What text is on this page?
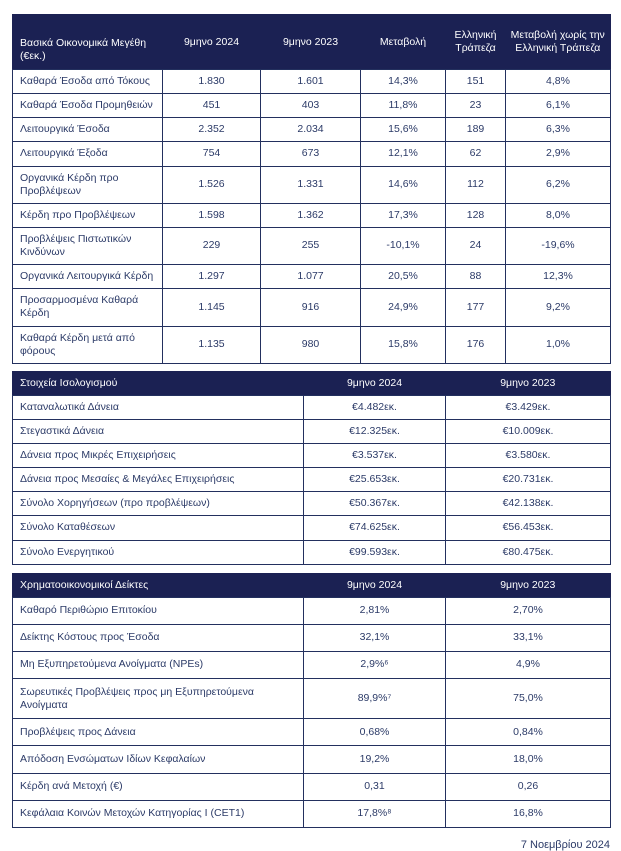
Βασικά Οικονομικά Μεγέθη (€εκ.)	9μηνο 2024	9μηνο 2023	Μεταβολή	Ελληνική Τράπεζα	Μεταβολή χωρίς την Ελληνική Τράπεζα
Καθαρά Έσοδα από Τόκους	1.830	1.601	14,3%	151	4,8%
Καθαρά Έσοδα Προμηθειών	451	403	11,8%	23	6,1%
Λειτουργικά Έσοδα	2.352	2.034	15,6%	189	6,3%
Λειτουργικά Έξοδα	754	673	12,1%	62	2,9%
Οργανικά Κέρδη προ Προβλέψεων	1.526	1.331	14,6%	112	6,2%
Κέρδη προ Προβλέψεων	1.598	1.362	17,3%	128	8,0%
Προβλέψεις Πιστωτικών Κινδύνων	229	255	-10,1%	24	-19,6%
Οργανικά Λειτουργικά Κέρδη	1.297	1.077	20,5%	88	12,3%
Προσαρμοσμένα Καθαρά Κέρδη	1.145	916	24,9%	177	9,2%
Καθαρά Κέρδη μετά από φόρους	1.135	980	15,8%	176	1,0%
Στοιχεία Ισολογισμού	9μηνο 2024	9μηνο 2023
Καταναλωτικά Δάνεια	€4.482εκ.	€3.429εκ.
Στεγαστικά Δάνεια	€12.325εκ.	€10.009εκ.
Δάνεια προς Μικρές Επιχειρήσεις	€3.537εκ.	€3.580εκ.
Δάνεια προς Μεσαίες & Μεγάλες Επιχειρήσεις	€25.653εκ.	€20.731εκ.
Σύνολο Χορηγήσεων (προ προβλέψεων)	€50.367εκ.	€42.138εκ.
Σύνολο Καταθέσεων	€74.625εκ.	€56.453εκ.
Σύνολο Ενεργητικού	€99.593εκ.	€80.475εκ.
Χρηματοοικονομικοί Δείκτες	9μηνο 2024	9μηνο 2023
Καθαρό Περιθώριο Επιτοκίου	2,81%	2,70%
Δείκτης Κόστους προς Έσοδα	32,1%	33,1%
Μη Εξυπηρετούμενα Ανοίγματα (NPEs)	2,9%⁶	4,9%
Σωρευτικές Προβλέψεις προς μη Εξυπηρετούμενα Ανοίγματα	89,9%⁷	75,0%
Προβλέψεις προς Δάνεια	0,68%	0,84%
Απόδοση Ενσώματων Ιδίων Κεφαλαίων	19,2%	18,0%
Κέρδη ανά Μετοχή (€)	0,31	0,26
Κεφάλαια Κοινών Μετοχών Κατηγορίας Ι (CET1)	17,8%⁸	16,8%
7 Νοεμβρίου 2024
